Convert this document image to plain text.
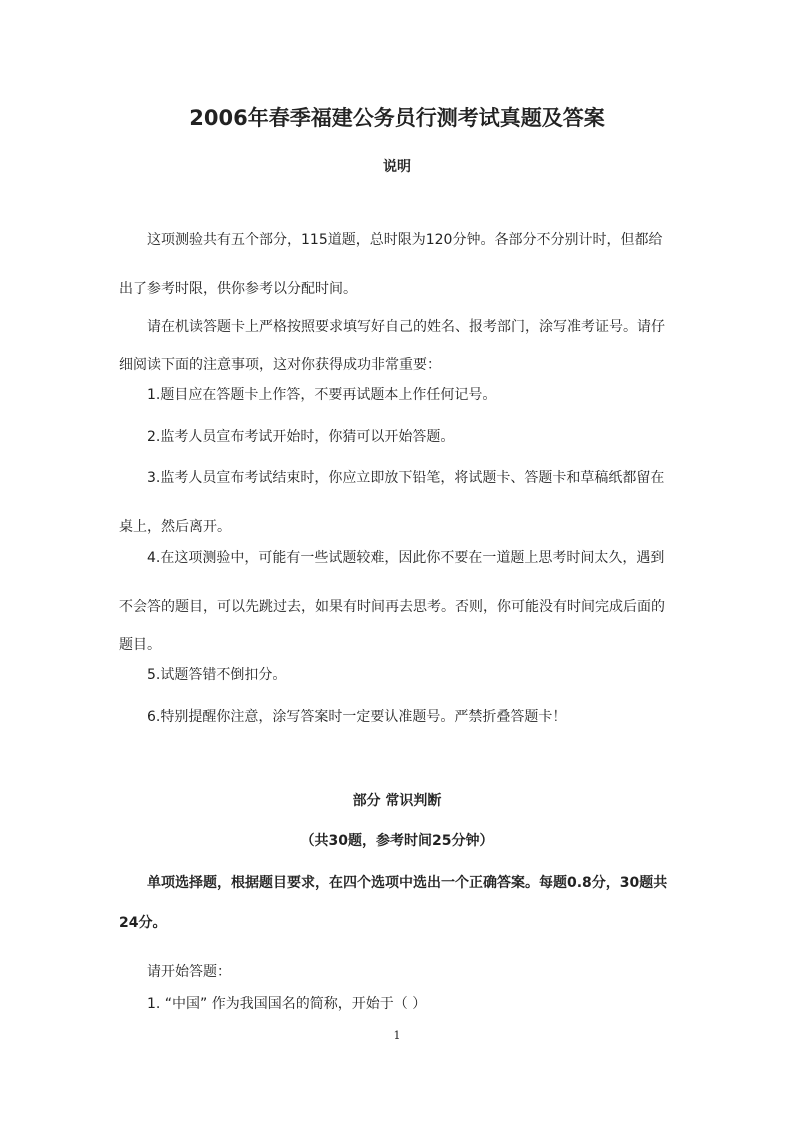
2006年春季福建公务员行测考试真题及答案
说明
这项测验共有五个部分，115道题，总时限为120分钟。各部分不分别计时，但都给
出了参考时限，供你参考以分配时间。
请在机读答题卡上严格按照要求填写好自己的姓名、报考部门，涂写准考证号。请仔
细阅读下面的注意事项，这对你获得成功非常重要：
1.题目应在答题卡上作答，不要再试题本上作任何记号。
2.监考人员宣布考试开始时，你猜可以开始答题。
3.监考人员宣布考试结束时，你应立即放下铅笔，将试题卡、答题卡和草稿纸都留在
桌上，然后离开。
4.在这项测验中，可能有一些试题较难，因此你不要在一道题上思考时间太久，遇到
不会答的题目，可以先跳过去，如果有时间再去思考。否则，你可能没有时间完成后面的
题目。
5.试题答错不倒扣分。
6.特别提醒你注意，涂写答案时一定要认准题号。严禁折叠答题卡！
部分 常识判断
（共30题，参考时间25分钟）
单项选择题，根据题目要求，在四个选项中选出一个正确答案。每题0.8分，30题共
24分。
请开始答题：
1. “中国” 作为我国国名的简称，开始于（ ）
1
